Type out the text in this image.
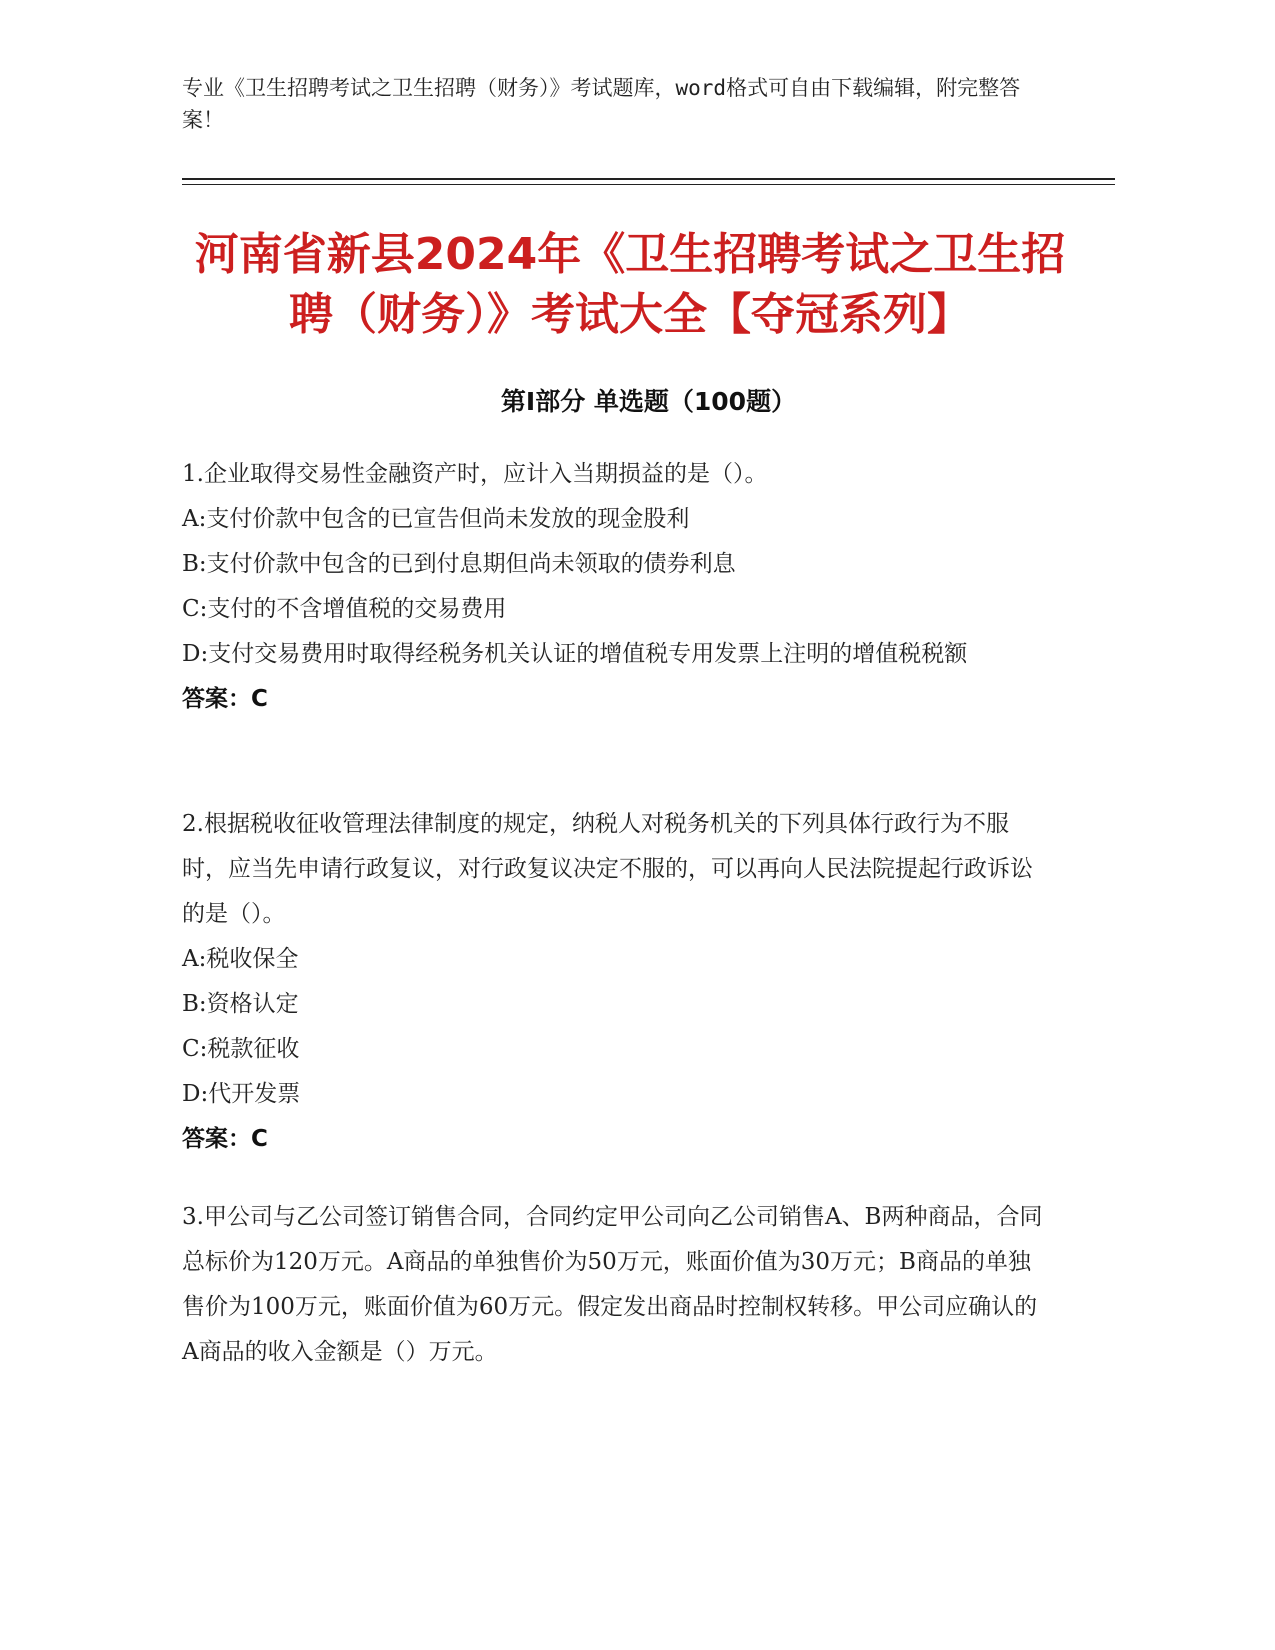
专业《卫生招聘考试之卫生招聘（财务）》考试题库，word格式可自由下载编辑，附完整答案！

河南省新县2024年《卫生招聘考试之卫生招聘（财务）》考试大全【夺冠系列】
第Ⅰ部分 单选题（100题）

1.企业取得交易性金融资产时，应计入当期损益的是（）。

A:支付价款中包含的已宣告但尚未发放的现金股利

B:支付价款中包含的已到付息期但尚未领取的债券利息

C:支付的不含增值税的交易费用

D:支付交易费用时取得经税务机关认证的增值税专用发票上注明的增值税税额

答案：C

2.根据税收征收管理法律制度的规定，纳税人对税务机关的下列具体行政行为不服时，应当先申请行政复议，对行政复议决定不服的，可以再向人民法院提起行政诉讼的是（）。

A:税收保全

B:资格认定

C:税款征收

D:代开发票

答案：C

3.甲公司与乙公司签订销售合同，合同约定甲公司向乙公司销售A、B两种商品，合同总标价为120万元。A商品的单独售价为50万元，账面价值为30万元；B商品的单独售价为100万元，账面价值为60万元。假定发出商品时控制权转移。甲公司应确认的A商品的收入金额是（）万元。
